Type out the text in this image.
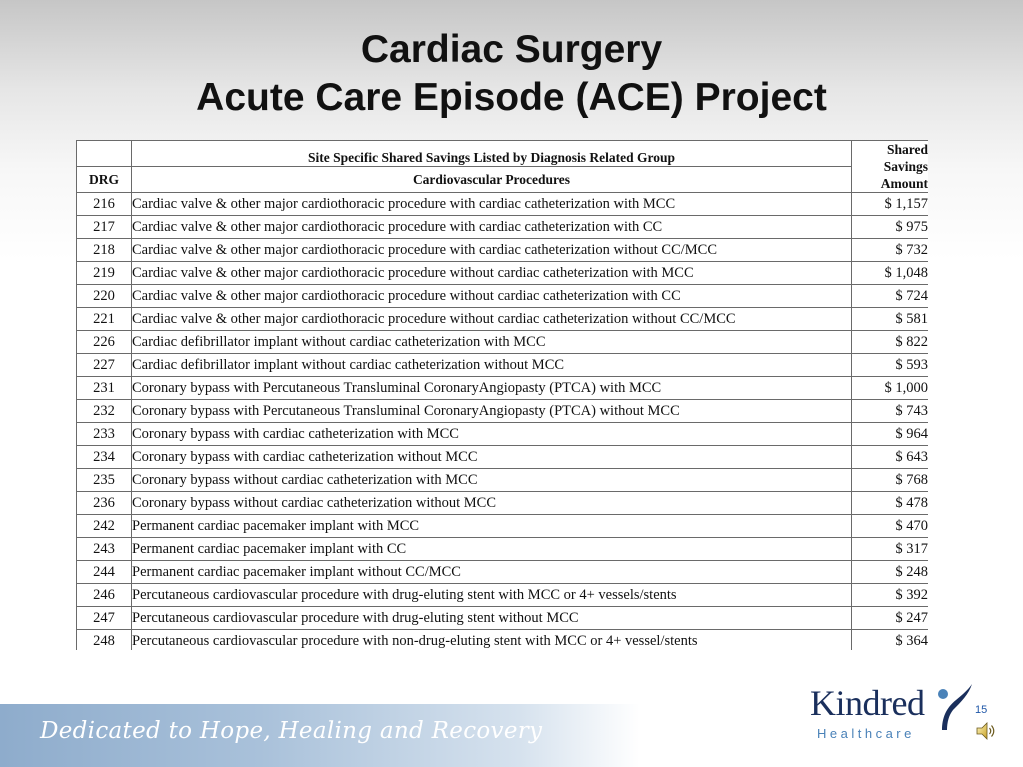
Cardiac Surgery
Acute Care Episode (ACE) Project
	Site Specific Shared Savings Listed by Diagnosis Related Group	Shared
Savings
Amount

DRG	Cardiovascular Procedures	
216	Cardiac valve & other major cardiothoracic procedure with cardiac catheterization with MCC	$ 1,157
217	Cardiac valve & other major cardiothoracic procedure with cardiac catheterization with CC	$ 975
218	Cardiac valve & other major cardiothoracic procedure with cardiac catheterization without CC/MCC	$ 732
219	Cardiac valve & other major cardiothoracic procedure without cardiac catheterization with MCC	$ 1,048
220	Cardiac valve & other major cardiothoracic procedure without cardiac catheterization with CC	$ 724
221	Cardiac valve & other major cardiothoracic procedure without cardiac catheterization without CC/MCC	$ 581
226	Cardiac defibrillator implant without cardiac catheterization with MCC	$ 822
227	Cardiac defibrillator implant without cardiac catheterization without MCC	$ 593
231	Coronary bypass with Percutaneous Transluminal CoronaryAngiopasty (PTCA) with MCC	$ 1,000
232	Coronary bypass with Percutaneous Transluminal CoronaryAngiopasty (PTCA) without MCC	$ 743
233	Coronary bypass with cardiac catheterization with MCC	$ 964
234	Coronary bypass with cardiac catheterization without MCC	$ 643
235	Coronary bypass without cardiac catheterization with MCC	$ 768
236	Coronary bypass without cardiac catheterization without MCC	$ 478
242	Permanent cardiac pacemaker implant with MCC	$ 470
243	Permanent cardiac pacemaker implant with CC	$ 317
244	Permanent cardiac pacemaker implant without CC/MCC	$ 248
246	Percutaneous cardiovascular procedure with drug-eluting stent with MCC or 4+ vessels/stents	$ 392
247	Percutaneous cardiovascular procedure with drug-eluting stent without MCC	$ 247
248	Percutaneous cardiovascular procedure with non-drug-eluting stent with MCC or 4+ vessel/stents	$ 364
Dedicated to Hope, Healing and Recovery
Kindred
Healthcare
15
